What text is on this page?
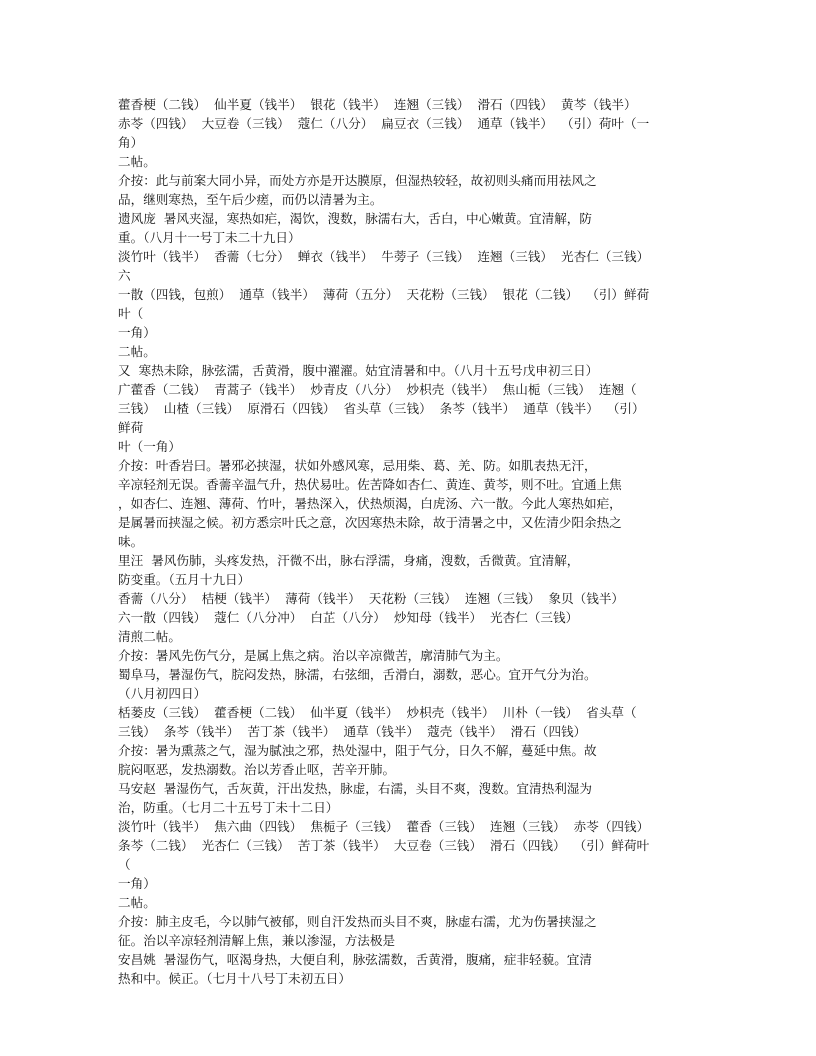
藿香梗（二钱）  仙半夏（钱半）  银花（钱半）  连翘（三钱）  滑石（四钱）  黄芩（钱半）
赤苓（四钱）  大豆卷（三钱）  蔻仁（八分）  扁豆衣（三钱）  通草（钱半）  （引）荷叶（一
角）
二帖。
介按：此与前案大同小异，而处方亦是开达膜原，但湿热较轻，故初则头痛而用祛风之
品，继则寒热，至午后少瘥，而仍以清暑为主。
遗风庞  暑风夹湿，寒热如疟，渴饮，溲数，脉濡右大，舌白，中心嫩黄。宜清解，防
重。（八月十一号丁未二十九日）
淡竹叶（钱半）  香薷（七分）  蝉衣（钱半）  牛蒡子（三钱）  连翘（三钱）  光杏仁（三钱）
六
一散（四钱，包煎）  通草（钱半）  薄荷（五分）  天花粉（三钱）  银花（二钱）  （引）鲜荷
叶（
一角）
二帖。
又  寒热未除，脉弦濡，舌黄滑，腹中濯濯。姑宜清暑和中。（八月十五号戊申初三日）
广藿香（二钱）  青蒿子（钱半）  炒青皮（八分）  炒枳壳（钱半）  焦山栀（三钱）  连翘（
三钱）  山楂（三钱）  原滑石（四钱）  省头草（三钱）  条芩（钱半）  通草（钱半）  （引）
鲜荷
叶（一角）
介按：叶香岩曰。暑邪必挟湿，状如外感风寒，忌用柴、葛、羌、防。如肌表热无汗，
辛凉轻剂无误。香薷辛温气升，热伏易吐。佐苦降如杏仁、黄连、黄芩，则不吐。宜通上焦
，如杏仁、连翘、薄荷、竹叶，暑热深入，伏热烦渴，白虎汤、六一散。今此人寒热如疟，
是属暑而挟湿之候。初方悉宗叶氏之意，次因寒热未除，故于清暑之中，又佐清少阳余热之
味。
里汪  暑风伤肺，头疼发热，汗微不出，脉右浮濡，身痛，溲数，舌微黄。宜清解，
防变重。（五月十九日）
香薷（八分）  桔梗（钱半）  薄荷（钱半）  天花粉（三钱）  连翘（三钱）  象贝（钱半）
六一散（四钱）  蔻仁（八分冲）  白芷（八分）  炒知母（钱半）  光杏仁（三钱）
清煎二帖。
介按：暑风先伤气分，是属上焦之病。治以辛凉微苦，廓清肺气为主。
蜀阜马，暑湿伤气，脘闷发热，脉濡，右弦细，舌滑白，溺数，恶心。宜开气分为治。
（八月初四日）
栝蒌皮（三钱）  藿香梗（二钱）  仙半夏（钱半）  炒枳壳（钱半）  川朴（一钱）  省头草（
三钱）  条芩（钱半）  苦丁茶（钱半）  通草（钱半）  蔻壳（钱半）  滑石（四钱）
介按：暑为熏蒸之气，湿为腻浊之邪，热处湿中，阻于气分，日久不解，蔓延中焦。故
脘闷呕恶，发热溺数。治以芳香止呕，苦辛开肺。
马安赵  暑湿伤气，舌灰黄，汗出发热，脉虚，右濡，头目不爽，溲数。宜清热利湿为
治，防重。（七月二十五号丁未十二日）
淡竹叶（钱半）  焦六曲（四钱）  焦栀子（三钱）  藿香（三钱）  连翘（三钱）  赤苓（四钱）
条芩（二钱）  光杏仁（三钱）  苦丁茶（钱半）  大豆卷（三钱）  滑石（四钱）  （引）鲜荷叶
（
一角）
二帖。
介按：肺主皮毛，今以肺气被郁，则自汗发热而头目不爽，脉虚右濡，尤为伤暑挟湿之
征。治以辛凉轻剂清解上焦，兼以渗湿，方法极是
安昌姚  暑湿伤气，呕渴身热，大便自利，脉弦濡数，舌黄滑，腹痛，症非轻藐。宜清
热和中。候正。（七月十八号丁未初五日）
